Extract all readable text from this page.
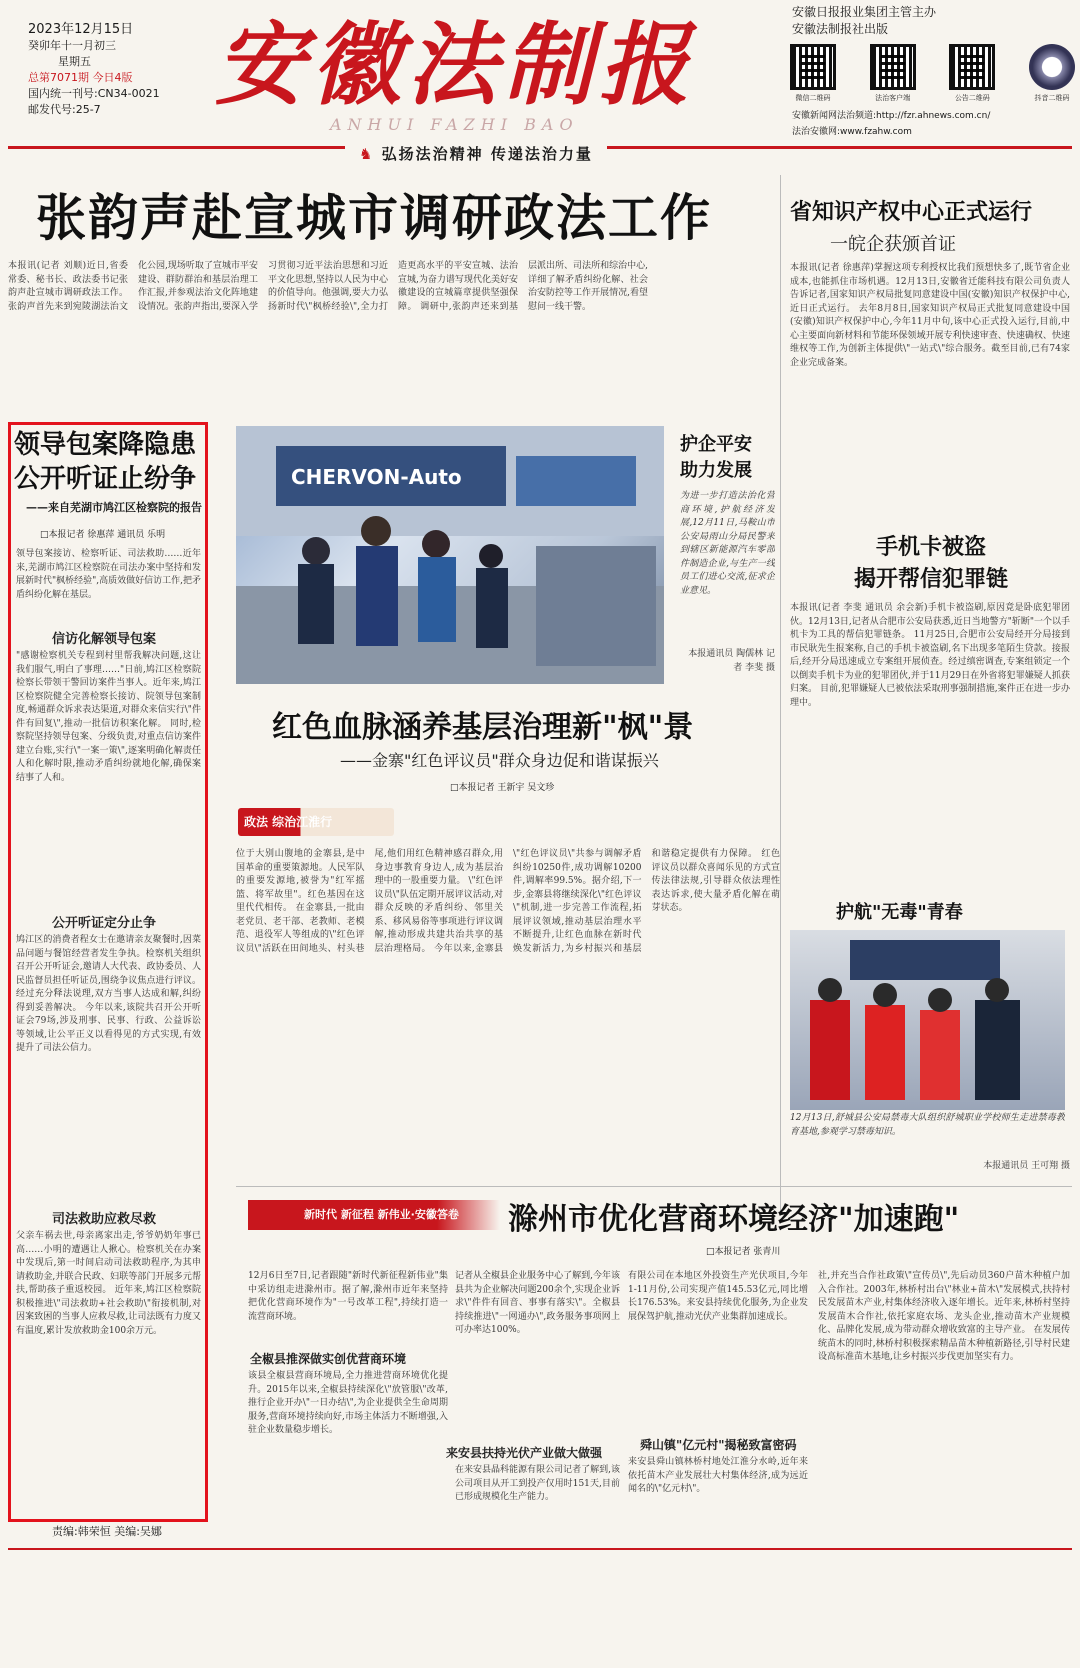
2023年12月15日
癸卯年十一月初三
星期五
总第7071期 今日4版
国内统一刊号:CN34-0021
邮发代号:25-7	安徽法制报
ANHUI FAZHI BAO
安徽日报报业集团主管主办
安徽法制报社出版
微信二维码	法治客户端	公告二维码	抖音二维码
安徽新闻网法治频道:http://fzr.ahnews.com.cn/
法治安徽网:www.fzahw.com
♞ 弘扬法治精神 传递法治力量
张韵声赴宣城市调研政法工作
本报讯(记者 刘顺)近日,省委常委、秘书长、政法委书记张韵声赴宣城市调研政法工作。 张韵声首先来到宛陵湖法治文化公园,现场听取了宣城市平安建设、群防群治和基层治理工作汇报,并参观法治文化阵地建设情况。张韵声指出,要深入学习贯彻习近平法治思想和习近平文化思想,坚持以人民为中心的价值导向。他强调,要大力弘扬新时代\"枫桥经验\",全力打造更高水平的平安宣城、法治宣城,为奋力谱写现代化美好安徽建设的宣城篇章提供坚强保障。 调研中,张韵声还来到基层派出所、司法所和综治中心,详细了解矛盾纠纷化解、社会治安防控等工作开展情况,看望慰问一线干警。
省知识产权中心正式运行
一皖企获颁首证
本报讯(记者 徐惠萍)掌握这项专利授权比我们预想快多了,既节省企业成本,也能抓住市场机遇。12月13日,安徽省迁能科技有限公司负责人告诉记者,国家知识产权局批复同意建设中国(安徽)知识产权保护中心,近日正式运行。 去年8月8日,国家知识产权局正式批复同意建设中国(安徽)知识产权保护中心,今年11月中旬,该中心正式投入运行,目前,中心主要面向新材料和节能环保领域开展专利快速审查、快速确权、快速维权等工作,为创新主体提供\"一站式\"综合服务。截至目前,已有74家企业完成备案。
领导包案降隐患
公开听证止纷争
——来自芜湖市鸠江区检察院的报告
□本报记者 徐惠萍 通讯员 乐明
领导包案接访、检察听证、司法救助……近年来,芜湖市鸠江区检察院在司法办案中坚持和发展新时代"枫桥经验",高质效做好信访工作,把矛盾纠纷化解在基层。
信访化解领导包案
"感谢检察机关专程到村里帮我解决问题,这让我们服气,明白了事理……"日前,鸠江区检察院检察长带领干警回访案件当事人。近年来,鸠江区检察院健全完善检察长接访、院领导包案制度,畅通群众诉求表达渠道,对群众来信实行\"件件有回复\",推动一批信访积案化解。 同时,检察院坚持领导包案、分级负责,对重点信访案件建立台账,实行\"一案一策\",逐案明确化解责任人和化解时限,推动矛盾纠纷就地化解,确保案结事了人和。
公开听证定分止争
鸠江区的消费者程女士在邀请亲友聚餐时,因菜品问题与餐馆经营者发生争执。检察机关组织召开公开听证会,邀请人大代表、政协委员、人民监督员担任听证员,围绕争议焦点进行评议。经过充分释法说理,双方当事人达成和解,纠纷得到妥善解决。 今年以来,该院共召开公开听证会79场,涉及刑事、民事、行政、公益诉讼等领域,让公平正义以看得见的方式实现,有效提升了司法公信力。
司法救助应救尽救
父亲车祸去世,母亲离家出走,爷爷奶奶年事已高……小明的遭遇让人揪心。检察机关在办案中发现后,第一时间启动司法救助程序,为其申请救助金,并联合民政、妇联等部门开展多元帮扶,帮助孩子重返校园。 近年来,鸠江区检察院积极推进\"司法救助+社会救助\"衔接机制,对因案致困的当事人应救尽救,让司法既有力度又有温度,累计发放救助金100余万元。
CHERVON-Auto
护企平安
助力发展
为进一步打造法治化营商环境,护航经济发展,12月11日,马鞍山市公安局雨山分局民警来到辖区新能源汽车零部件制造企业,与生产一线员工们进心交流,征求企业意见。
本报通讯员 陶儒林 记者 李斐 摄
手机卡被盗
揭开帮信犯罪链
本报讯(记者 李斐 通讯员 余会新)手机卡被盗刷,原因竟是卧底犯罪团伙。12月13日,记者从合肥市公安局获悉,近日当地警方"斩断"一个以手机卡为工具的帮信犯罪链条。 11月25日,合肥市公安局经开分局接到市民耿先生报案称,自己的手机卡被盗刷,名下出现多笔陌生贷款。接报后,经开分局迅速成立专案组开展侦查。经过缜密调查,专案组锁定一个以倒卖手机卡为业的犯罪团伙,并于11月29日在外省将犯罪嫌疑人抓获归案。 目前,犯罪嫌疑人已被依法采取刑事强制措施,案件正在进一步办理中。
红色血脉涵养基层治理新"枫"景
——金寨"红色评议员"群众身边促和谐谋振兴
□本报记者 王新宇 吴文珍
政法 综治江淮行
位于大别山腹地的金寨县,是中国革命的重要策源地。人民军队的重要发源地,被誉为"红军摇篮、将军故里"。红色基因在这里代代相传。 在金寨县,一批由老党员、老干部、老教师、老模范、退役军人等组成的\"红色评议员\"活跃在田间地头、村头巷尾,他们用红色精神感召群众,用身边事教育身边人,成为基层治理中的一股重要力量。 \"红色评议员\"队伍定期开展评议活动,对群众反映的矛盾纠纷、邻里关系、移风易俗等事项进行评议调解,推动形成共建共治共享的基层治理格局。 今年以来,金寨县\"红色评议员\"共参与调解矛盾纠纷10250件,成功调解10200件,调解率99.5%。据介绍,下一步,金寨县将继续深化\"红色评议\"机制,进一步完善工作流程,拓展评议领域,推动基层治理水平不断提升,让红色血脉在新时代焕发新活力,为乡村振兴和基层和谐稳定提供有力保障。 红色评议员以群众喜闻乐见的方式宣传法律法规,引导群众依法理性表达诉求,使大量矛盾化解在萌芽状态。	护航"无毒"青春
12月13日,舒城县公安局禁毒大队组织舒城职业学校师生走进禁毒教育基地,参观学习禁毒知识。
本报通讯员 王可翔 摄
新时代 新征程 新伟业·安徽答卷	滁州市优化营商环境经济"加速跑"
□本报记者 张青川
12月6日至7日,记者跟随"新时代新征程新伟业"集中采访组走进滁州市。据了解,滁州市近年来坚持把优化营商环境作为"一号改革工程",持续打造一流营商环境。
全椒县推深做实创优营商环境
该县全椒县营商环境局,全力推进营商环境优化提升。2015年以来,全椒县持续深化\"放管服\"改革,推行企业开办\"一日办结\",为企业提供全生命周期服务,营商环境持续向好,市场主体活力不断增强,入驻企业数量稳步增长。
记者从全椒县企业服务中心了解到,今年该县共为企业解决问题200余个,实现企业诉求\"件件有回音、事事有落实\"。全椒县持续推进\"一网通办\",政务服务事项网上可办率达100%。
来安县扶持光伏产业做大做强
在来安县晶科能源有限公司记者了解到,该公司项目从开工到投产仅用时151天,目前已形成规模化生产能力。
有限公司在本地区外投资生产光伏项目,今年1-11月份,公司实现产值145.53亿元,同比增长176.53%。来安县持续优化服务,为企业发展保驾护航,推动光伏产业集群加速成长。
舜山镇"亿元村"揭秘致富密码
来安县舜山镇林桥村地处江淮分水岭,近年来依托苗木产业发展壮大村集体经济,成为远近闻名的\"亿元村\"。
社,并充当合作社政策\"宣传员\",先后动员360户苗木种植户加入合作社。2003年,林桥村出台\"林业+苗木\"发展模式,扶持村民发展苗木产业,村集体经济收入逐年增长。近年来,林桥村坚持发展苗木合作社,依托家庭农场、龙头企业,推动苗木产业规模化、品牌化发展,成为带动群众增收致富的主导产业。 在发展传统苗木的同时,林桥村积极探索精品苗木种植新路径,引导村民建设高标准苗木基地,让乡村振兴步伐更加坚实有力。
责编:韩荣恒 美编:吴娜
